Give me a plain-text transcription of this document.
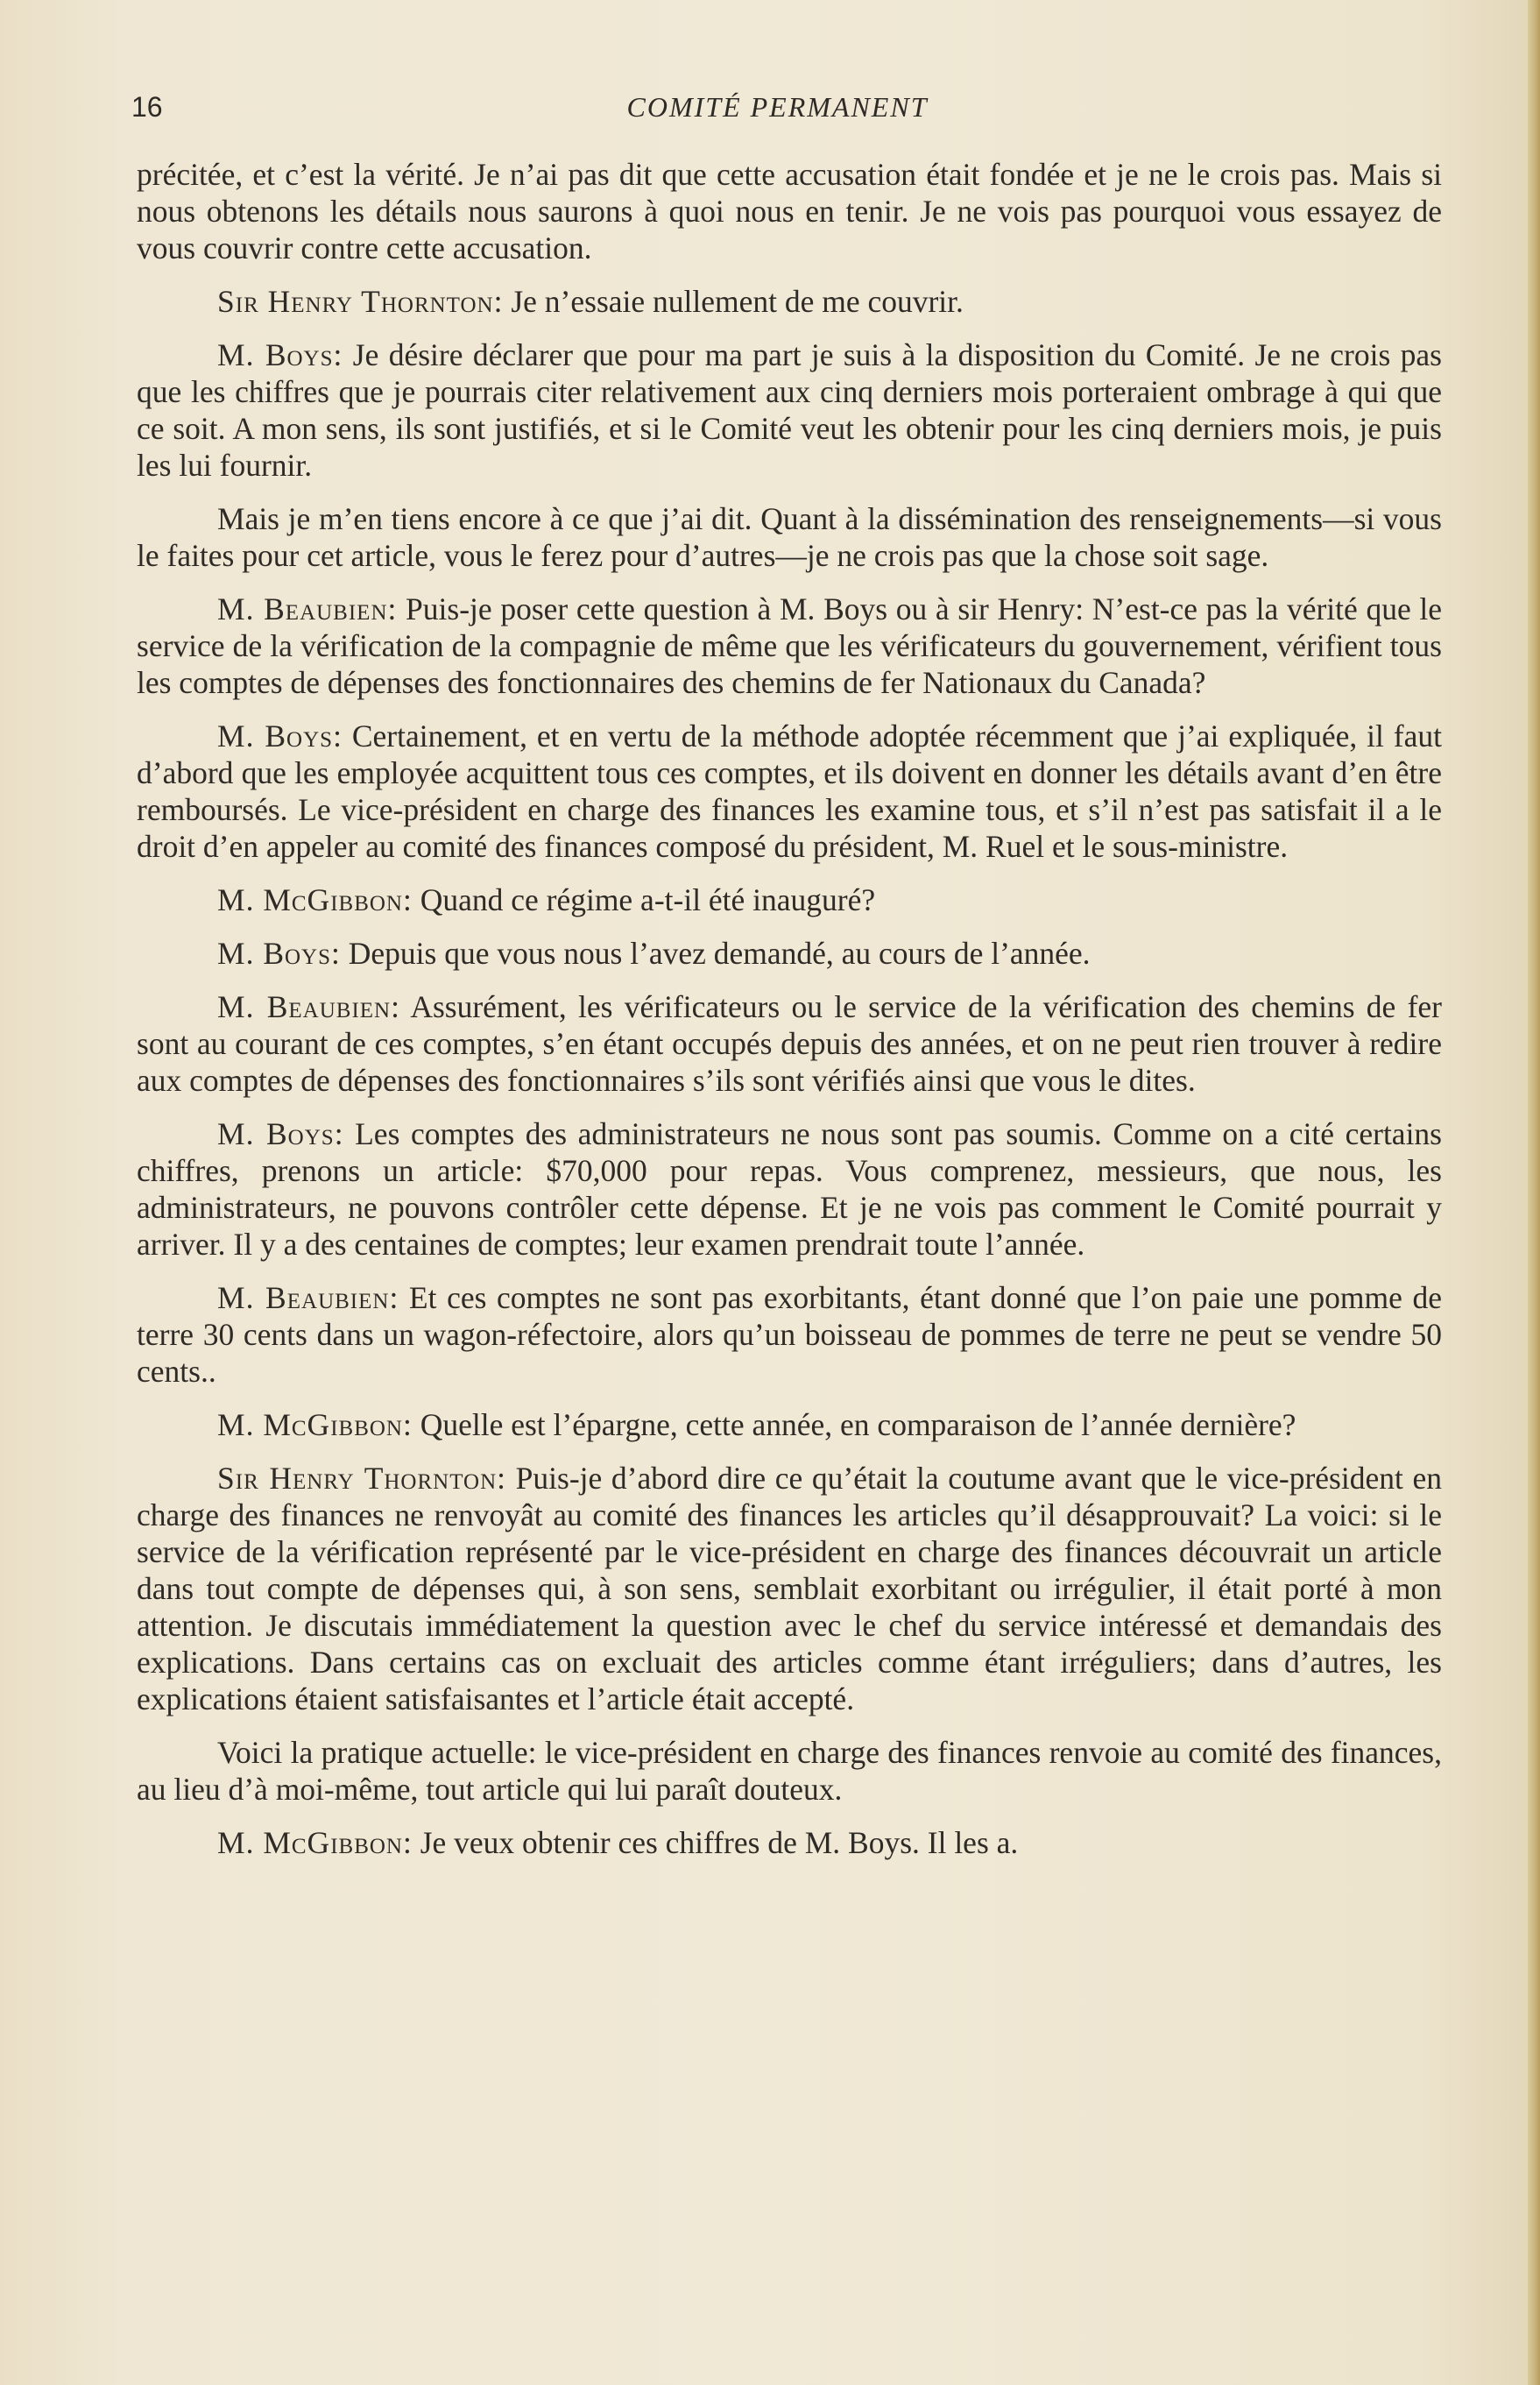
16	COMITÉ PERMANENT

précitée, et c’est la vérité. Je n’ai pas dit que cette accusation était fondée et je ne le crois pas. Mais si nous obtenons les détails nous saurons à quoi nous en tenir. Je ne vois pas pourquoi vous essayez de vous couvrir contre cette accusation.

Sir Henry Thornton: Je n’essaie nullement de me couvrir.

M. Boys: Je désire déclarer que pour ma part je suis à la disposition du Comité. Je ne crois pas que les chiffres que je pourrais citer relativement aux cinq derniers mois porteraient ombrage à qui que ce soit. A mon sens, ils sont justifiés, et si le Comité veut les obtenir pour les cinq derniers mois, je puis les lui fournir.

Mais je m’en tiens encore à ce que j’ai dit. Quant à la dissémination des renseignements—si vous le faites pour cet article, vous le ferez pour d’autres—je ne crois pas que la chose soit sage.

M. Beaubien: Puis-je poser cette question à M. Boys ou à sir Henry: N’est-ce pas la vérité que le service de la vérification de la compagnie de même que les vérificateurs du gouvernement, vérifient tous les comptes de dépenses des fonctionnaires des chemins de fer Nationaux du Canada?

M. Boys: Certainement, et en vertu de la méthode adoptée récemment que j’ai expliquée, il faut d’abord que les employée acquittent tous ces comptes, et ils doivent en donner les détails avant d’en être remboursés. Le vice-président en charge des finances les examine tous, et s’il n’est pas satisfait il a le droit d’en appeler au comité des finances composé du président, M. Ruel et le sous-ministre.

M. McGibbon: Quand ce régime a-t-il été inauguré?

M. Boys: Depuis que vous nous l’avez demandé, au cours de l’année.

M. Beaubien: Assurément, les vérificateurs ou le service de la vérification des chemins de fer sont au courant de ces comptes, s’en étant occupés depuis des années, et on ne peut rien trouver à redire aux comptes de dépenses des fonctionnaires s’ils sont vérifiés ainsi que vous le dites.

M. Boys: Les comptes des administrateurs ne nous sont pas soumis. Comme on a cité certains chiffres, prenons un article: $70,000 pour repas. Vous comprenez, messieurs, que nous, les administrateurs, ne pouvons contrôler cette dépense. Et je ne vois pas comment le Comité pourrait y arriver. Il y a des centaines de comptes; leur examen prendrait toute l’année.

M. Beaubien: Et ces comptes ne sont pas exorbitants, étant donné que l’on paie une pomme de terre 30 cents dans un wagon-réfectoire, alors qu’un boisseau de pommes de terre ne peut se vendre 50 cents..

M. McGibbon: Quelle est l’épargne, cette année, en comparaison de l’année dernière?

Sir Henry Thornton: Puis-je d’abord dire ce qu’était la coutume avant que le vice-président en charge des finances ne renvoyât au comité des finances les articles qu’il désapprouvait? La voici: si le service de la vérification représenté par le vice-président en charge des finances découvrait un article dans tout compte de dépenses qui, à son sens, semblait exorbitant ou irrégulier, il était porté à mon attention. Je discutais immédiatement la question avec le chef du service intéressé et demandais des explications. Dans certains cas on excluait des articles comme étant irréguliers; dans d’autres, les explications étaient satisfaisantes et l’article était accepté.

Voici la pratique actuelle: le vice-président en charge des finances renvoie au comité des finances, au lieu d’à moi-même, tout article qui lui paraît douteux.

M. McGibbon: Je veux obtenir ces chiffres de M. Boys. Il les a.
